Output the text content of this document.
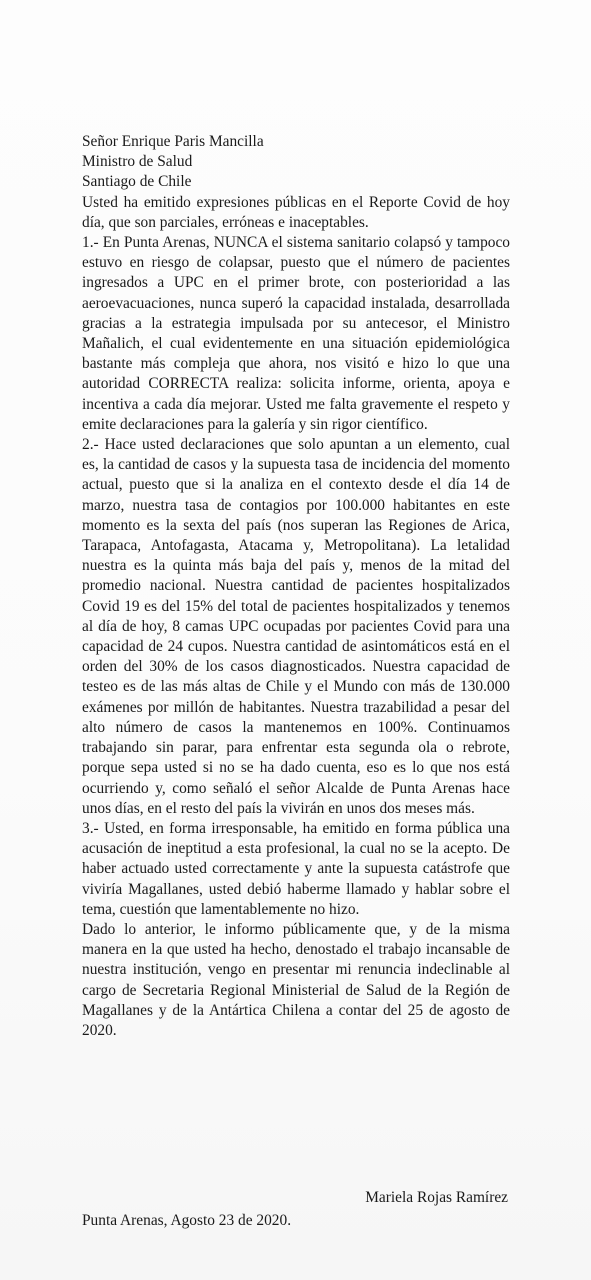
Señor Enrique Paris Mancilla

Ministro de Salud

Santiago de Chile

Usted ha emitido expresiones públicas en el Reporte Covid de hoy día, que son parciales, erróneas e inaceptables.

1.- En Punta Arenas, NUNCA el sistema sanitario colapsó y tampoco estuvo en riesgo de colapsar, puesto que el número de pacientes ingresados a UPC en el primer brote, con posterioridad a las aeroevacuaciones, nunca superó la capacidad instalada, desarrollada gracias a la estrategia impulsada por su antecesor, el Ministro Mañalich, el cual evidentemente en una situación epidemiológica bastante más compleja que ahora, nos visitó e hizo lo que una autoridad CORRECTA realiza: solicita informe, orienta, apoya e incentiva a cada día mejorar. Usted me falta gravemente el respeto y emite declaraciones para la galería y sin rigor científico.

2.- Hace usted declaraciones que solo apuntan a un elemento, cual es, la cantidad de casos y la supuesta tasa de incidencia del momento actual, puesto que si la analiza en el contexto desde el día 14 de marzo, nuestra tasa de contagios por 100.000 habitantes en este momento es la sexta del país (nos superan las Regiones de Arica, Tarapaca, Antofagasta, Atacama y, Metropolitana). La letalidad nuestra es la quinta más baja del país y, menos de la mitad del promedio nacional. Nuestra cantidad de pacientes hospitalizados Covid 19 es del 15% del total de pacientes hospitalizados y tenemos al día de hoy, 8 camas UPC ocupadas por pacientes Covid para una capacidad de 24 cupos. Nuestra cantidad de asintomáticos está en el orden del 30% de los casos diagnosticados. Nuestra capacidad de testeo es de las más altas de Chile y el Mundo con más de 130.000 exámenes por millón de habitantes. Nuestra trazabilidad a pesar del alto número de casos la mantenemos en 100%. Continuamos trabajando sin parar, para enfrentar esta segunda ola o rebrote, porque sepa usted si no se ha dado cuenta, eso es lo que nos está ocurriendo y, como señaló el señor Alcalde de Punta Arenas hace unos días, en el resto del país la vivirán en unos dos meses más.

3.- Usted, en forma irresponsable, ha emitido en forma pública una acusación de ineptitud a esta profesional, la cual no se la acepto. De haber actuado usted correctamente y ante la supuesta catástrofe que viviría Magallanes, usted debió haberme llamado y hablar sobre el tema, cuestión que lamentablemente no hizo.

Dado lo anterior, le informo públicamente que, y de la misma manera en la que usted ha hecho, denostado el trabajo incansable de nuestra institución, vengo en presentar mi renuncia indeclinable al cargo de Secretaria Regional Ministerial de Salud de la Región de Magallanes y de la Antártica Chilena a contar del 25 de agosto de 2020.

Mariela Rojas Ramírez

Punta Arenas, Agosto 23 de 2020.
